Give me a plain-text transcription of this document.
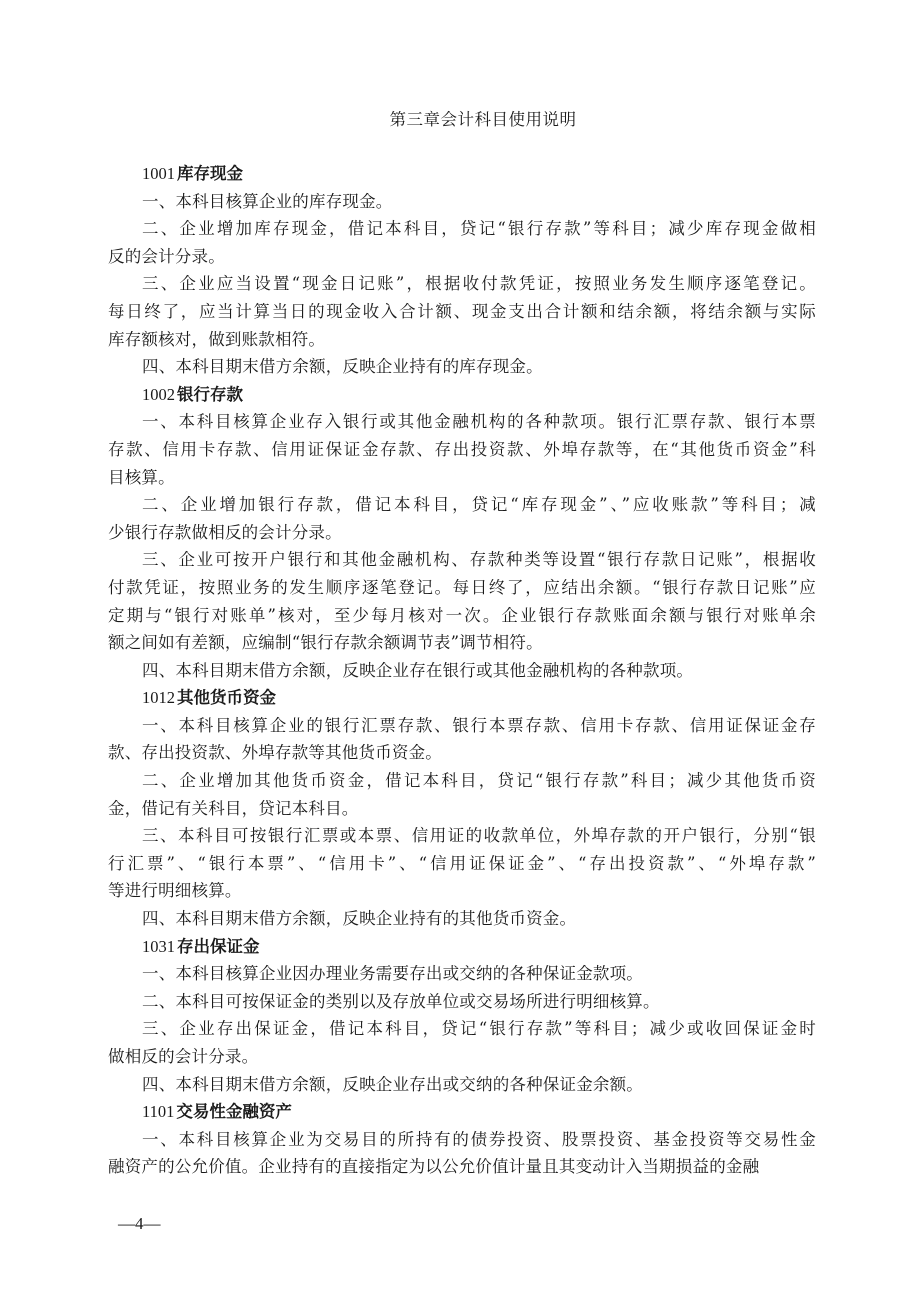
第三章会计科目使用说明
1001 库存现金
一、本科目核算企业的库存现金。
二、企业增加库存现金，借记本科目，贷记“银行存款”等科目；减少库存现金做相
反的会计分录。
三、企业应当设置“现金日记账”，根据收付款凭证，按照业务发生顺序逐笔登记。
每日终了，应当计算当日的现金收入合计额、现金支出合计额和结余额，将结余额与实际
库存额核对，做到账款相符。
四、本科目期末借方余额，反映企业持有的库存现金。
1002 银行存款
一、本科目核算企业存入银行或其他金融机构的各种款项。银行汇票存款、银行本票
存款、信用卡存款、信用证保证金存款、存出投资款、外埠存款等，在“其他货币资金”科
目核算。
二、企业增加银行存款，借记本科目，贷记“库存现金”、”应收账款”等科目；减
少银行存款做相反的会计分录。
三、企业可按开户银行和其他金融机构、存款种类等设置“银行存款日记账”，根据收
付款凭证，按照业务的发生顺序逐笔登记。每日终了，应结出余额。“银行存款日记账”应
定期与“银行对账单”核对，至少每月核对一次。企业银行存款账面余额与银行对账单余
额之间如有差额，应编制“银行存款余额调节表”调节相符。
四、本科目期末借方余额，反映企业存在银行或其他金融机构的各种款项。
1012 其他货币资金
一、本科目核算企业的银行汇票存款、银行本票存款、信用卡存款、信用证保证金存
款、存出投资款、外埠存款等其他货币资金。
二、企业增加其他货币资金，借记本科目，贷记“银行存款”科目；减少其他货币资
金，借记有关科目，贷记本科目。
三、本科目可按银行汇票或本票、信用证的收款单位，外埠存款的开户银行，分别“银
行汇票”、“银行本票”、“信用卡”、“信用证保证金”、“存出投资款”、“外埠存款”
等进行明细核算。
四、本科目期末借方余额，反映企业持有的其他货币资金。
1031 存出保证金
一、本科目核算企业因办理业务需要存出或交纳的各种保证金款项。
二、本科目可按保证金的类别以及存放单位或交易场所进行明细核算。
三、企业存出保证金，借记本科目，贷记“银行存款”等科目；减少或收回保证金时
做相反的会计分录。
四、本科目期末借方余额，反映企业存出或交纳的各种保证金余额。
1101 交易性金融资产
一、本科目核算企业为交易目的所持有的债券投资、股票投资、基金投资等交易性金
融资产的公允价值。企业持有的直接指定为以公允价值计量且其变动计入当期损益的金融
—4—
